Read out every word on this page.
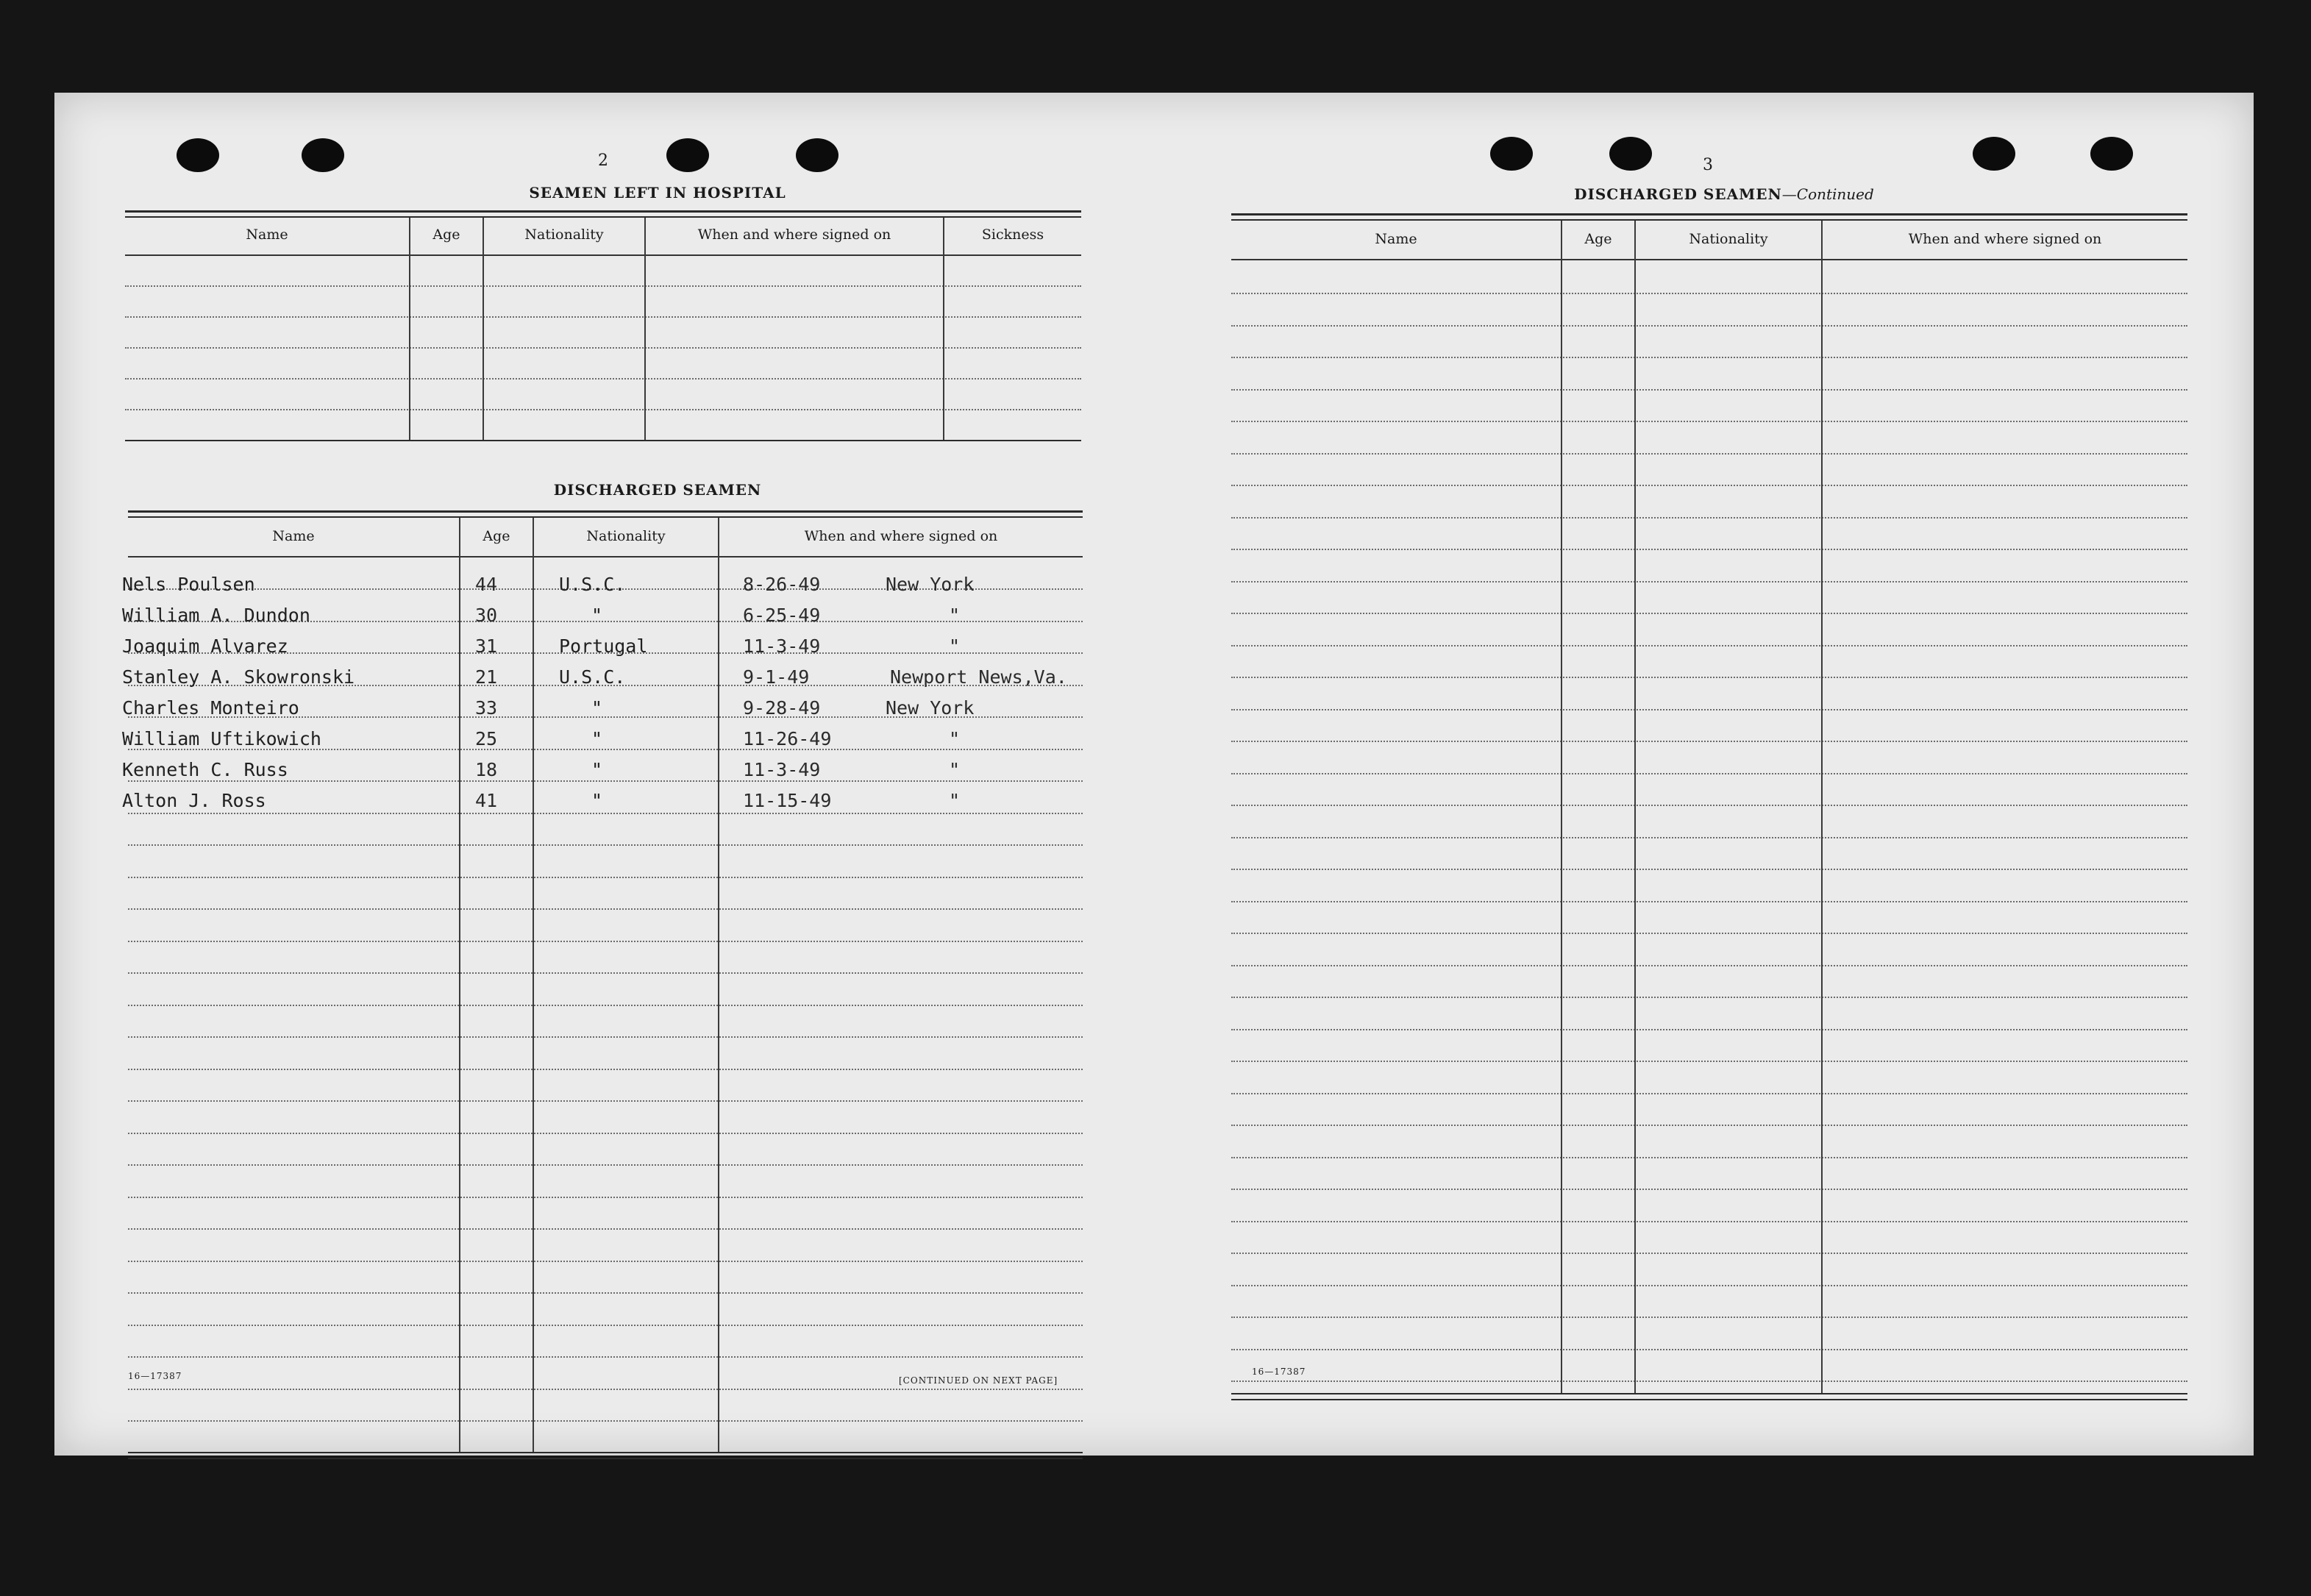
2
SEAMEN LEFT IN HOSPITAL
Name	Age	Nationality	When and where signed on	Sickness
DISCHARGED SEAMEN
Name	Age	Nationality	When and where signed on
Nels Poulsen	44	U.S.C.	8-26-49	New York
William A. Dundon	30	"	6-25-49	"
Joaquim Alvarez	31	Portugal	11-3-49	"
Stanley A. Skowronski	21	U.S.C.	9-1-49	Newport News,Va.
Charles Monteiro	33	"	9-28-49	New York
William Uftikowich	25	"	11-26-49	"
Kenneth C. Russ	18	"	11-3-49	"
Alton J. Ross	41	"	11-15-49	"
16—17387	[CONTINUED ON NEXT PAGE]
3
DISCHARGED SEAMEN—Continued
Name	Age	Nationality	When and where signed on
16—17387
